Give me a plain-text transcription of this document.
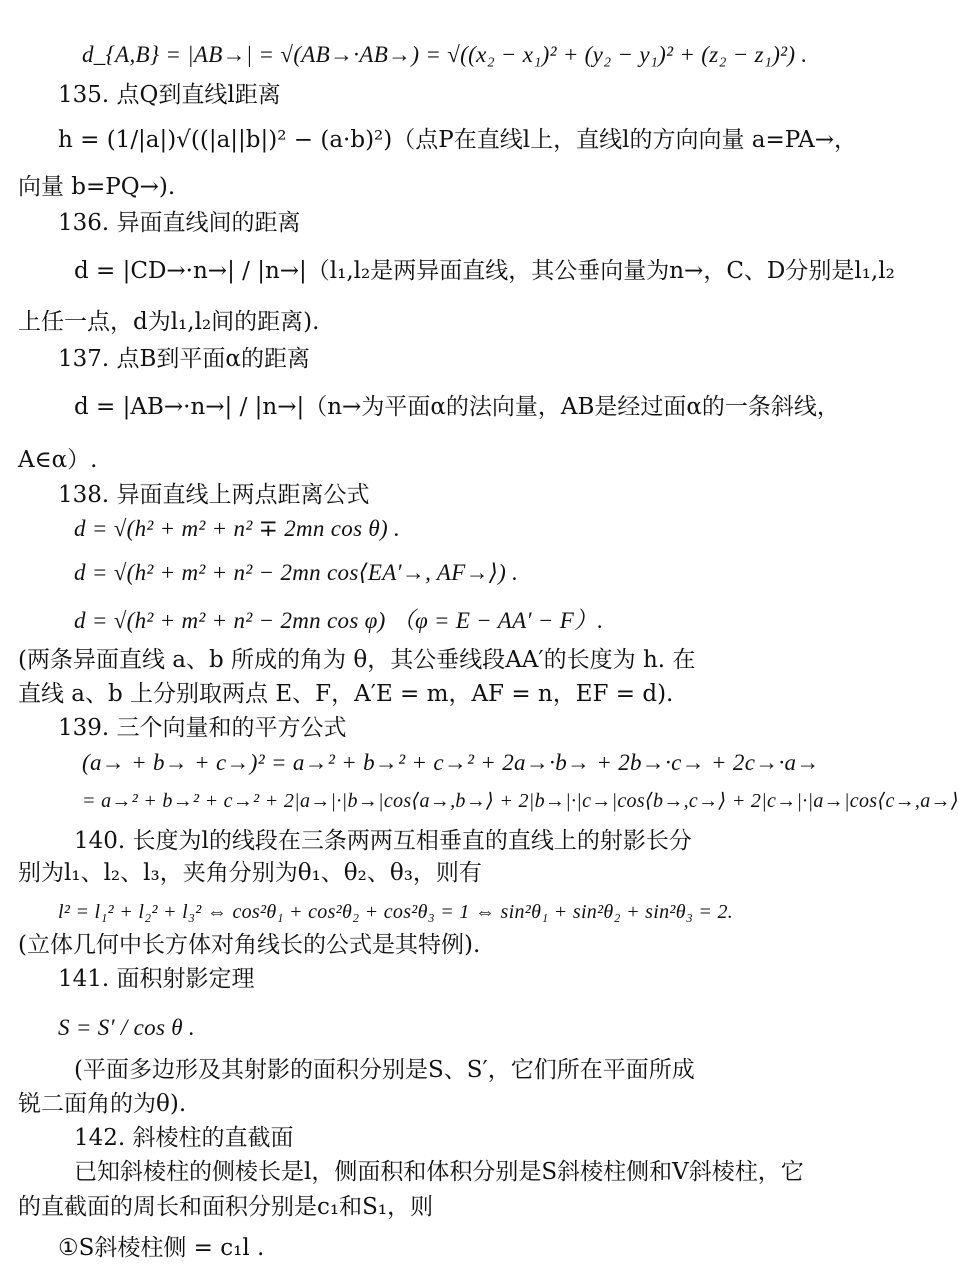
d_{A,B} = |AB→| = √(AB→·AB→) = √((x₂ − x₁)² + (y₂ − y₁)² + (z₂ − z₁)²) .
135. 点Q到直线l距离
h = (1/|a|)√((|a||b|)² − (a·b)²)（点P在直线l上，直线l的方向向量 a=PA→，
向量 b=PQ→).
136. 异面直线间的距离
d = |CD→·n→| / |n→|（l₁,l₂是两异面直线，其公垂向量为n→，C、D分别是l₁,l₂
上任一点，d为l₁,l₂间的距离).
137. 点B到平面α的距离
d = |AB→·n→| / |n→|（n→为平面α的法向量，AB是经过面α的一条斜线，
A∈α）.
138. 异面直线上两点距离公式
d = √(h² + m² + n² ∓ 2mn cos θ) .
d = √(h² + m² + n² − 2mn cos⟨EA′→, AF→⟩) .
d = √(h² + m² + n² − 2mn cos φ) （φ = E − AA′ − F）.
(两条异面直线 a、b 所成的角为 θ，其公垂线段AA′的长度为 h. 在
直线 a、b 上分别取两点 E、F，A′E = m，AF = n，EF = d).
139. 三个向量和的平方公式
(a→ + b→ + c→)² = a→² + b→² + c→² + 2a→·b→ + 2b→·c→ + 2c→·a→
= a→² + b→² + c→² + 2|a→|·|b→|cos⟨a→,b→⟩ + 2|b→|·|c→|cos⟨b→,c→⟩ + 2|c→|·|a→|cos⟨c→,a→⟩
140. 长度为l的线段在三条两两互相垂直的直线上的射影长分
别为l₁、l₂、l₃，夹角分别为θ₁、θ₂、θ₃，则有
l² = l₁² + l₂² + l₃² ⇔ cos²θ₁ + cos²θ₂ + cos²θ₃ = 1 ⇔ sin²θ₁ + sin²θ₂ + sin²θ₃ = 2.
(立体几何中长方体对角线长的公式是其特例).
141. 面积射影定理
S = S′ / cos θ .
(平面多边形及其射影的面积分别是S、S′，它们所在平面所成
锐二面角的为θ).
142. 斜棱柱的直截面
已知斜棱柱的侧棱长是l，侧面积和体积分别是S斜棱柱侧和V斜棱柱，它
的直截面的周长和面积分别是c₁和S₁，则
①S斜棱柱侧 = c₁l .
